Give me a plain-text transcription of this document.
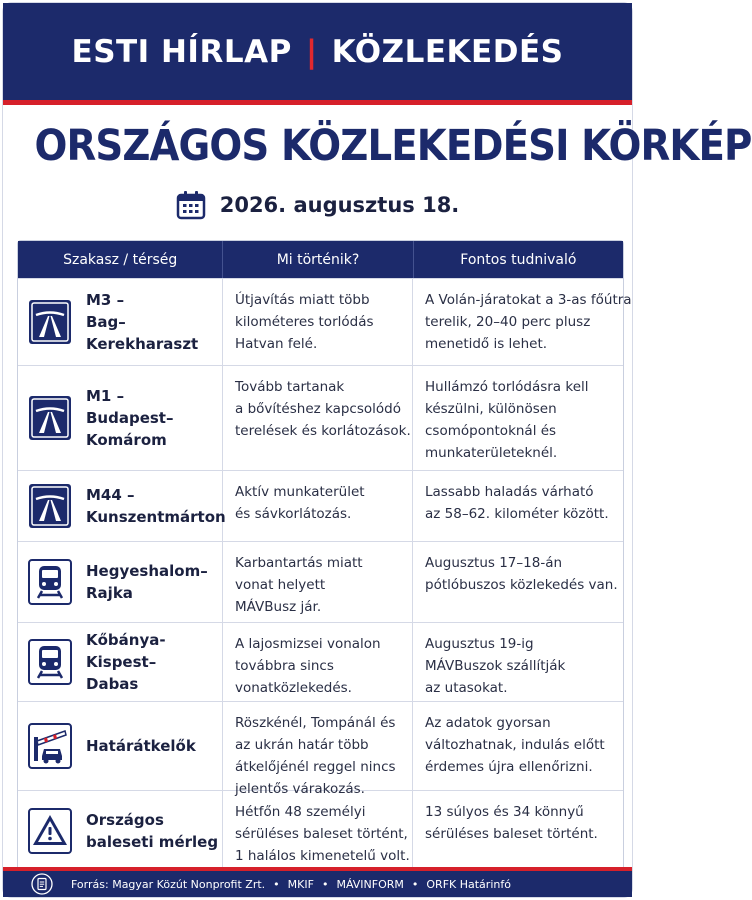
ESTI HÍRLAP | KÖZLEKEDÉS
ORSZÁGOS KÖZLEKEDÉSI KÖRKÉP
2026. augusztus 18.
Szakasz / térség	Mi történik?	Fontos tudnivaló
M3 –
Bag–Kerekharaszt
Útjavítás miatt több
kilométeres torlódás
Hatvan felé.
A Volán-járatokat a 3-as főútra
terelik, 20–40 perc plusz
menetidő is lehet.
M1 –
Budapest–Komárom
Tovább tartanak
a bővítéshez kapcsolódó
terelések és korlátozások.
Hullámzó torlódásra kell
készülni, különösen
csomópontoknál és
munkaterületeknél.
M44 –
Kunszentmárton
Aktív munkaterület
és sávkorlátozás.
Lassabb haladás várható
az 58–62. kilométer között.
Hegyeshalom–
Rajka
Karbantartás miatt
vonat helyett
MÁVBusz jár.
Augusztus 17–18-án
pótlóbuszos közlekedés van.
Kőbánya-Kispest–
Dabas
A lajosmizsei vonalon
továbbra sincs
vonatközlekedés.
Augusztus 19-ig
MÁVBuszok szállítják
az utasokat.
Határátkelők
Röszkénél, Tompánál és
az ukrán határ több
átkelőjénél reggel nincs
jelentős várakozás.
Az adatok gyorsan
változhatnak, indulás előtt
érdemes újra ellenőrizni.
Országos
baleseti mérleg
Hétfőn 48 személyi
sérüléses baleset történt,
1 halálos kimenetelű volt.
13 súlyos és 34 könnyű
sérüléses baleset történt.
Forrás:
Magyar Közút Nonprofit Zrt. • MKIF • MÁVINFORM • ORFK Határinfó
